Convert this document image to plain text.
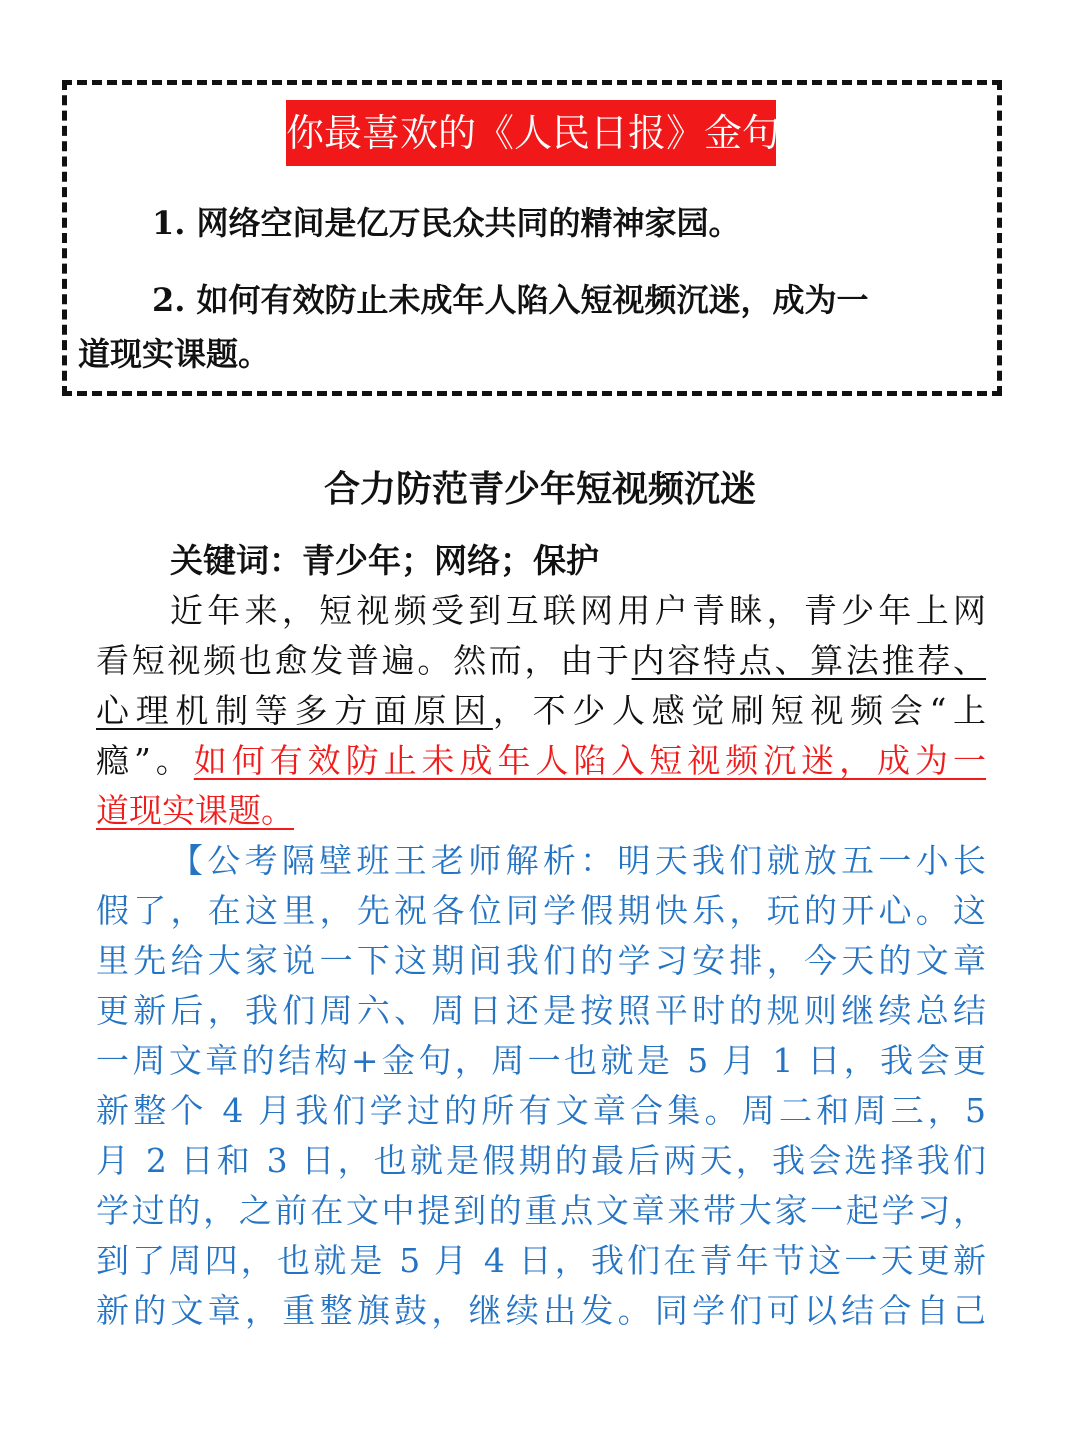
你最喜欢的《人民日报》金句
1. 网络空间是亿万民众共同的精神家园。
2. 如何有效防止未成年人陷入短视频沉迷，成为一
道现实课题。
合力防范青少年短视频沉迷
关键词：青少年；网络；保护
近年来，短视频受到互联网用户青睐，青少年上网
看短视频也愈发普遍。然而，由于内容特点、算法推荐、
心理机制等多方面原因，不少人感觉刷短视频会“上
瘾”。如何有效防止未成年人陷入短视频沉迷，成为一
道现实课题。
【公考隔壁班王老师解析：明天我们就放五一小长
假了，在这里，先祝各位同学假期快乐，玩的开心。这
里先给大家说一下这期间我们的学习安排，今天的文章
更新后，我们周六、周日还是按照平时的规则继续总结
一周文章的结构+金句，周一也就是 5 月 1 日，我会更
新整个 4 月我们学过的所有文章合集。周二和周三，5
月 2 日和 3 日，也就是假期的最后两天，我会选择我们
学过的，之前在文中提到的重点文章来带大家一起学习，
到了周四，也就是 5 月 4 日，我们在青年节这一天更新
新的文章，重整旗鼓，继续出发。同学们可以结合自己
